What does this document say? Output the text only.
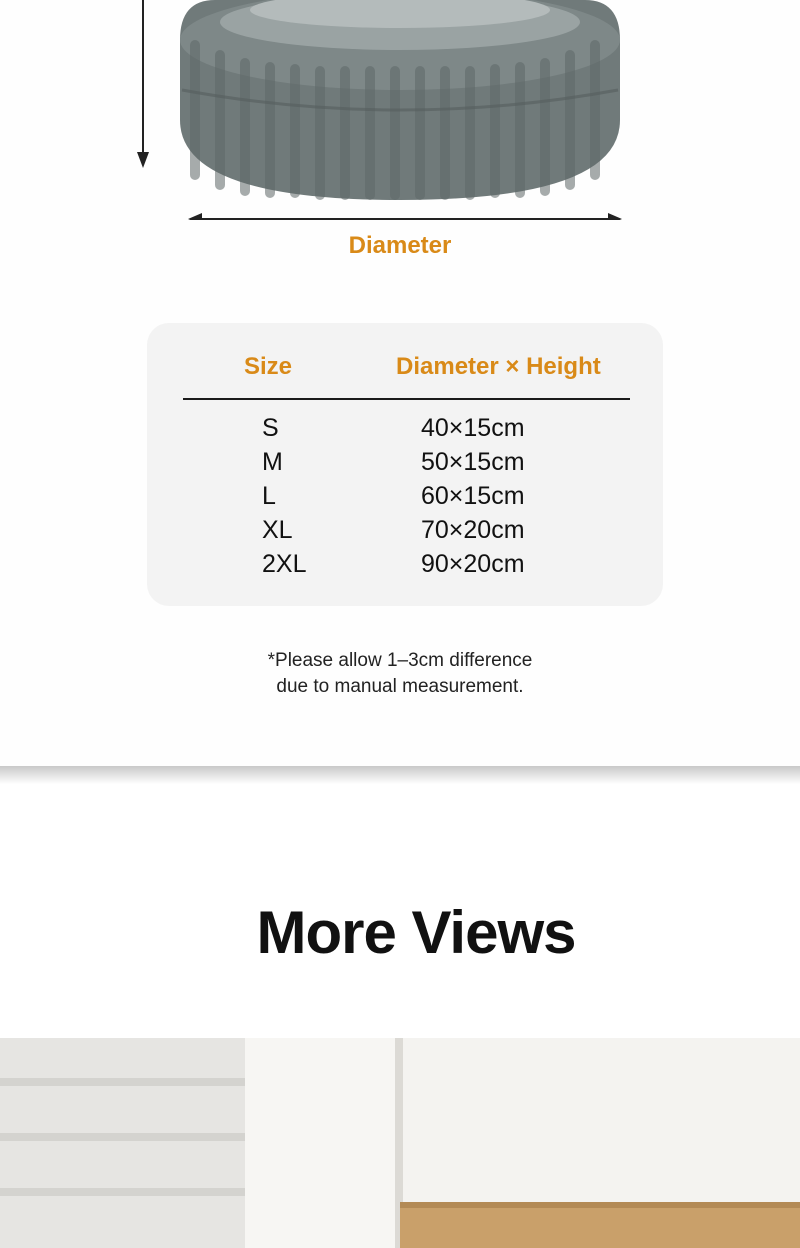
Diameter
Size	Diameter × Height
S	40×15cm
M	50×15cm
L	60×15cm
XL	70×20cm
2XL	90×20cm
*Please allow 1–3cm difference
due to manual measurement.
More Views
